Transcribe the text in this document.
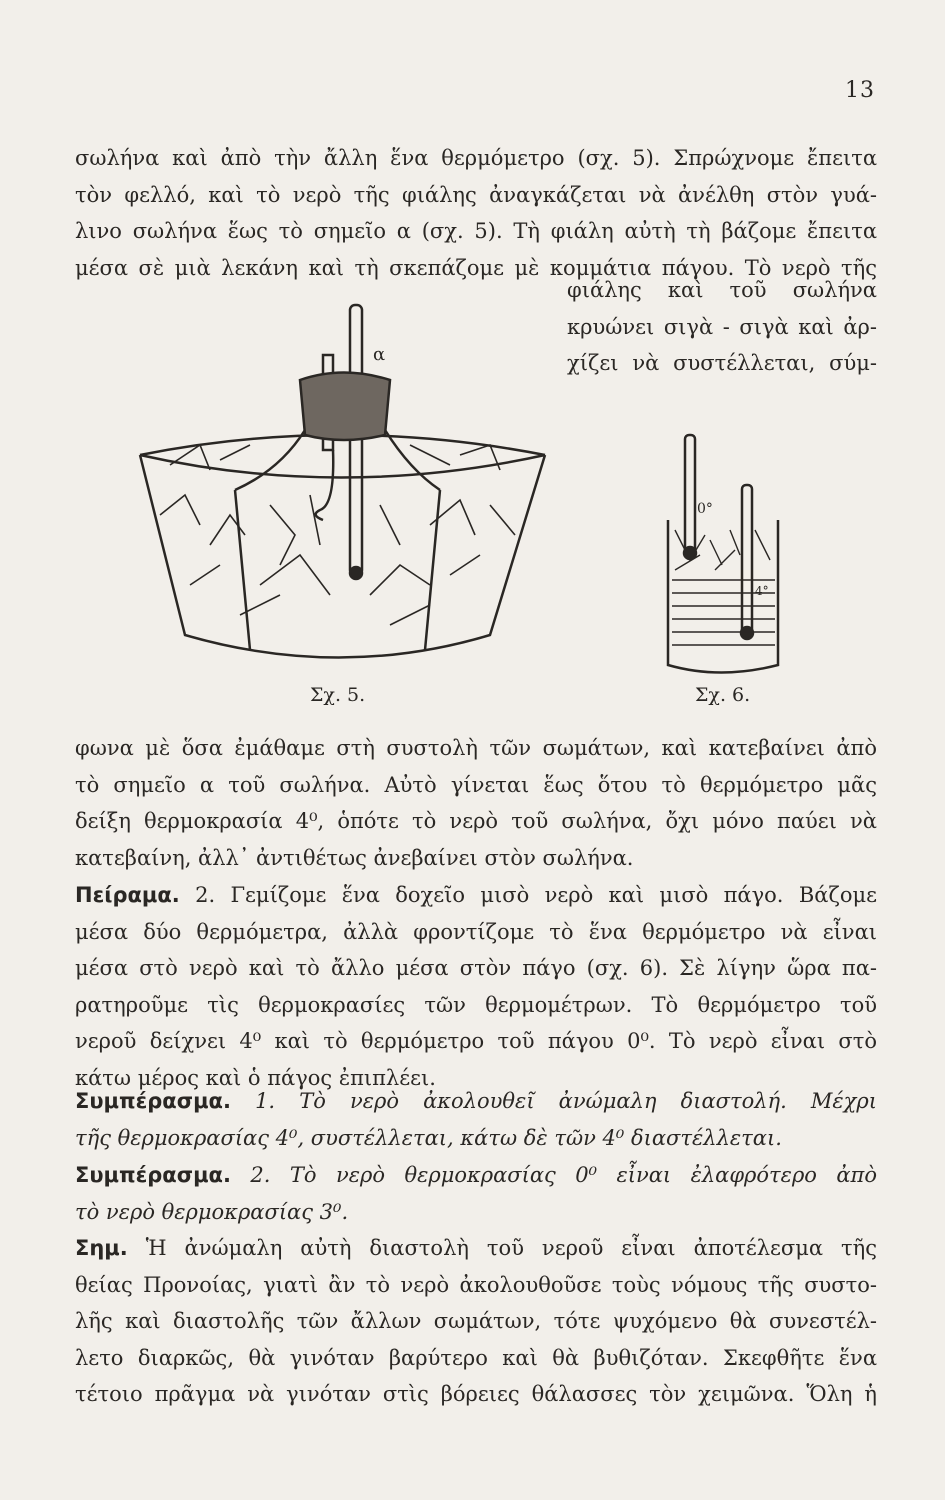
13
σωλήνα καὶ ἀπὸ τὴν ἄλλη ἕνα θερμόμετρο (σχ. 5). Σπρώχνομε ἔπειτα
τὸν φελλό, καὶ τὸ νερὸ τῆς φιάλης ἀναγκάζεται νὰ ἀνέλθη στὸν γυά-
λινο σωλήνα ἕως τὸ σημεῖο α (σχ. 5). Τὴ φιάλη αὐτὴ τὴ βάζομε ἔπειτα
μέσα σὲ μιὰ λεκάνη καὶ τὴ σκεπάζομε μὲ κομμάτια πάγου. Τὸ νερὸ τῆς
φιάλης καὶ τοῦ σωλήνα
κρυώνει σιγὰ - σιγὰ καὶ ἀρ-
χίζει νὰ συστέλλεται, σύμ-
α
Σχ. 5.
0°
4°
Σχ. 6.
φωνα μὲ ὅσα ἐμάθαμε στὴ συστολὴ τῶν σωμάτων, καὶ κατεβαίνει ἀπὸ
τὸ σημεῖο α τοῦ σωλήνα. Αὐτὸ γίνεται ἕως ὅτου τὸ θερμόμετρο μᾶς
δείξη θερμοκρασία 4⁰, ὁπότε τὸ νερὸ τοῦ σωλήνα, ὄχι μόνο παύει νὰ
κατεβαίνη, ἀλλ᾽ ἀντιθέτως ἀνεβαίνει στὸν σωλήνα.
Πείραμα. 2. Γεμίζομε ἕνα δοχεῖο μισὸ νερὸ καὶ μισὸ πάγο. Βάζομε
μέσα δύο θερμόμετρα, ἀλλὰ φροντίζομε τὸ ἕνα θερμόμετρο νὰ εἶναι
μέσα στὸ νερὸ καὶ τὸ ἄλλο μέσα στὸν πάγο (σχ. 6). Σὲ λίγην ὥρα πα-
ρατηροῦμε τὶς θερμοκρασίες τῶν θερμομέτρων. Τὸ θερμόμετρο τοῦ
νεροῦ δείχνει 4⁰ καὶ τὸ θερμόμετρο τοῦ πάγου 0⁰. Τὸ νερὸ εἶναι στὸ
κάτω μέρος καὶ ὁ πάγος ἐπιπλέει.
Συμπέρασμα. 1. Τὸ νερὸ ἀκολουθεῖ ἀνώμαλη διαστολή. Μέχρι
τῆς θερμοκρασίας 4⁰, συστέλλεται, κάτω δὲ τῶν 4⁰ διαστέλλεται.
Συμπέρασμα. 2. Τὸ νερὸ θερμοκρασίας 0⁰ εἶναι ἐλαφρότερο ἀπὸ
τὸ νερὸ θερμοκρασίας 3⁰.
Σημ. Ἡ ἀνώμαλη αὐτὴ διαστολὴ τοῦ νεροῦ εἶναι ἀποτέλεσμα τῆς
θείας Προνοίας, γιατὶ ἂν τὸ νερὸ ἀκολουθοῦσε τοὺς νόμους τῆς συστο-
λῆς καὶ διαστολῆς τῶν ἄλλων σωμάτων, τότε ψυχόμενο θὰ συνεστέλ-
λετο διαρκῶς, θὰ γινόταν βαρύτερο καὶ θὰ βυθιζόταν. Σκεφθῆτε ἕνα
τέτοιο πρᾶγμα νὰ γινόταν στὶς βόρειες θάλασσες τὸν χειμῶνα. Ὅλη ἡ
